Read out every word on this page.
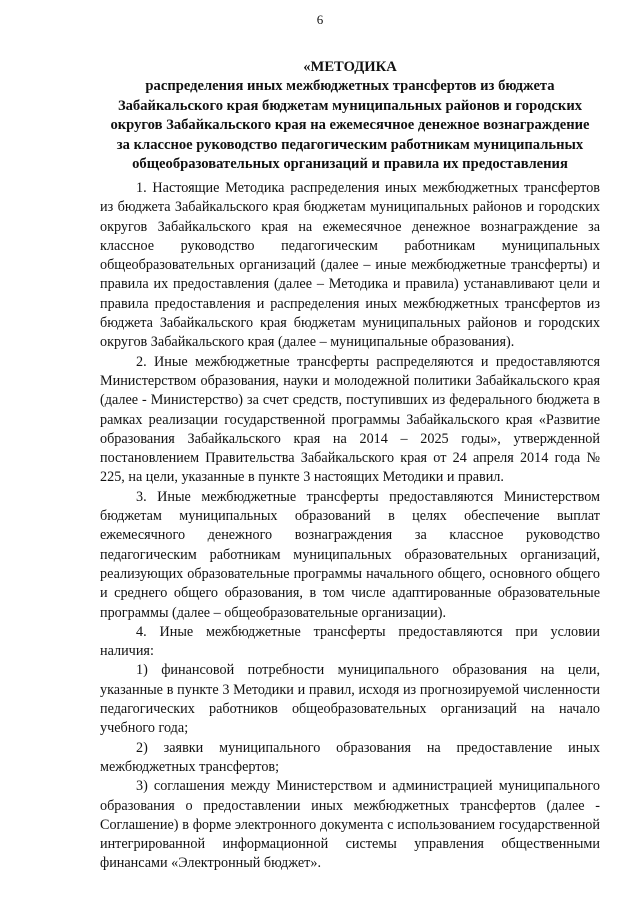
6
«МЕТОДИКА
распределения иных межбюджетных трансфертов из бюджета
Забайкальского края бюджетам муниципальных районов и городских
округов Забайкальского края на ежемесячное денежное вознаграждение
за классное руководство педагогическим работникам муниципальных
общеобразовательных организаций и правила их предоставления

1. Настоящие Методика распределения иных межбюджетных трансфертов из бюджета Забайкальского края бюджетам муниципальных районов и городских округов Забайкальского края на ежемесячное денежное вознаграждение за классное руководство педагогическим работникам муниципальных общеобразовательных организаций (далее – иные межбюджетные трансферты) и правила их предоставления (далее – Методика и правила) устанавливают цели и правила предоставления и распределения иных межбюджетных трансфертов из бюджета Забайкальского края бюджетам муниципальных районов и городских округов Забайкальского края (далее – муниципальные образования).

2. Иные межбюджетные трансферты распределяются и предоставляются Министерством образования, науки и молодежной политики Забайкальского края (далее - Министерство) за счет средств, поступивших из федерального бюджета в рамках реализации государственной программы Забайкальского края «Развитие образования Забайкальского края на 2014 – 2025 годы», утвержденной постановлением Правительства Забайкальского края от 24 апреля 2014 года № 225, на цели, указанные в пункте 3 настоящих Методики и правил.

3. Иные межбюджетные трансферты предоставляются Министерством бюджетам муниципальных образований в целях обеспечение выплат ежемесячного денежного вознаграждения за классное руководство педагогическим работникам муниципальных образовательных организаций, реализующих образовательные программы начального общего, основного общего и среднего общего образования, в том числе адаптированные образовательные программы (далее – общеобразовательные организации).

4. Иные межбюджетные трансферты предоставляются при условии наличия:

1) финансовой потребности муниципального образования на цели, указанные в пункте 3 Методики и правил, исходя из прогнозируемой численности педагогических работников общеобразовательных организаций на начало учебного года;

2) заявки муниципального образования на предоставление иных межбюджетных трансфертов;

3) соглашения между Министерством и администрацией муниципального образования о предоставлении иных межбюджетных трансфертов (далее - Соглашение) в форме электронного документа с использованием государственной интегрированной информационной системы управления общественными финансами «Электронный бюджет».
